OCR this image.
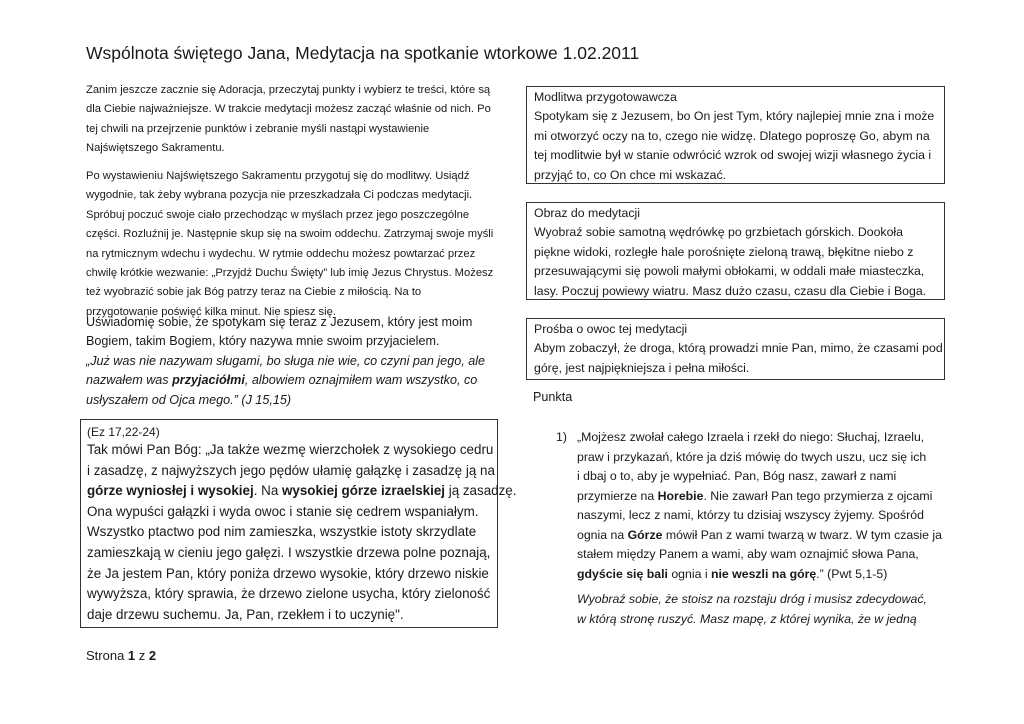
Wspólnota świętego Jana, Medytacja na spotkanie wtorkowe 1.02.2011
Zanim jeszcze zacznie się Adoracja, przeczytaj punkty i wybierz te treści, które są
dla Ciebie najważniejsze. W trakcie medytacji możesz zacząć właśnie od nich. Po
tej chwili na przejrzenie punktów i zebranie myśli nastąpi wystawienie
Najświętszego Sakramentu.
Po wystawieniu Najświętszego Sakramentu przygotuj się do modlitwy. Usiądź
wygodnie, tak żeby wybrana pozycja nie przeszkadzała Ci podczas medytacji.
Spróbuj poczuć swoje ciało przechodząc w myślach przez jego poszczególne
części. Rozluźnij je. Następnie skup się na swoim oddechu. Zatrzymaj swoje myśli
na rytmicznym wdechu i wydechu. W rytmie oddechu możesz powtarzać przez
chwilę krótkie wezwanie: „Przyjdź Duchu Święty” lub imię Jezus Chrystus. Możesz
też wyobrazić sobie jak Bóg patrzy teraz na Ciebie z miłością. Na to
przygotowanie poświęć kilka minut. Nie spiesz się.
Uświadomię sobie, że spotykam się teraz z Jezusem, który jest moim
Bogiem, takim Bogiem, który nazywa mnie swoim przyjacielem.
„Już was nie nazywam sługami, bo sługa nie wie, co czyni pan jego, ale
nazwałem was przyjaciółmi, albowiem oznajmiłem wam wszystko, co
usłyszałem od Ojca mego.” (J 15,15)
(Ez 17,22-24)
Tak mówi Pan Bóg: „Ja także wezmę wierzchołek z wysokiego cedru
i zasadzę, z najwyższych jego pędów ułamię gałązkę i zasadzę ją na
górze wyniosłej i wysokiej. Na wysokiej górze izraelskiej ją zasadzę.
Ona wypuści gałązki i wyda owoc i stanie się cedrem wspaniałym.
Wszystko ptactwo pod nim zamieszka, wszystkie istoty skrzydlate
zamieszkają w cieniu jego gałęzi. I wszystkie drzewa polne poznają,
że Ja jestem Pan, który poniża drzewo wysokie, który drzewo niskie
wywyższa, który sprawia, że drzewo zielone usycha, który zieloność
daje drzewu suchemu. Ja, Pan, rzekłem i to uczynię".
Modlitwa przygotowawcza
Spotykam się z Jezusem, bo On jest Tym, który najlepiej mnie zna i może
mi otworzyć oczy na to, czego nie widzę. Dlatego poproszę Go, abym na
tej modlitwie był w stanie odwrócić wzrok od swojej wizji własnego życia i
przyjąć to, co On chce mi wskazać.
Obraz do medytacji
Wyobraź sobie samotną wędrówkę po grzbietach górskich. Dookoła
piękne widoki, rozległe hale porośnięte zieloną trawą, błękitne niebo z
przesuwającymi się powoli małymi obłokami, w oddali małe miasteczka,
lasy. Poczuj powiewy wiatru. Masz dużo czasu, czasu dla Ciebie i Boga.
Prośba o owoc tej medytacji
Abym zobaczył, że droga, którą prowadzi mnie Pan, mimo, że czasami pod
górę, jest najpiękniejsza i pełna miłości.
Punkta
1) „Mojżesz zwołał całego Izraela i rzekł do niego: Słuchaj, Izraelu,
praw i przykazań, które ja dziś mówię do twych uszu, ucz się ich
i dbaj o to, aby je wypełniać. Pan, Bóg nasz, zawarł z nami
przymierze na Horebie. Nie zawarł Pan tego przymierza z ojcami
naszymi, lecz z nami, którzy tu dzisiaj wszyscy żyjemy. Spośród
ognia na Górze mówił Pan z wami twarzą w twarz. W tym czasie ja
stałem między Panem a wami, aby wam oznajmić słowa Pana,
gdyście się bali ognia i nie weszli na górę.” (Pwt 5,1-5)
Wyobraź sobie, że stoisz na rozstaju dróg i musisz zdecydować,
w którą stronę ruszyć. Masz mapę, z której wynika, że w jedną
Strona 1 z 2
